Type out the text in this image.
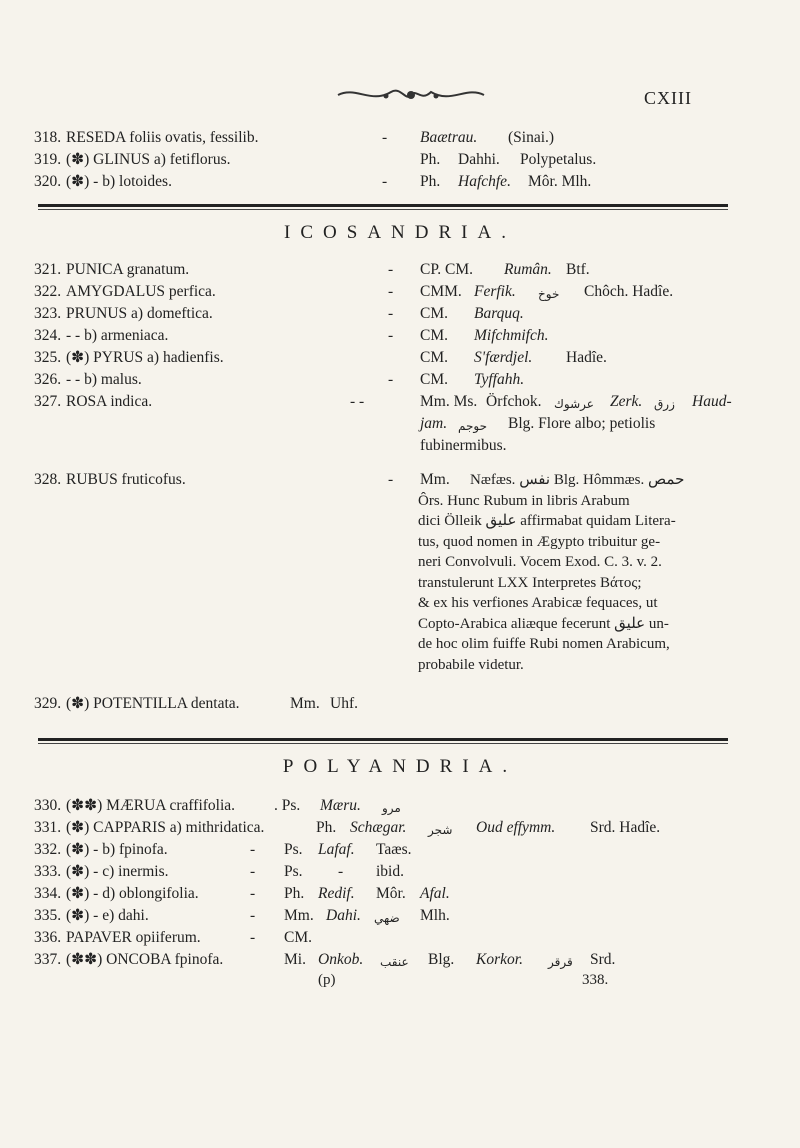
CXIII
318. RESEDA foliis ovatis, fessilib.	- Baætrau. (Sinai.)
319. (✽) GLINUS a) fetiflorus.	Ph. Dahhi. Polypetalus.
320. (✽) - b) lotoides.	- Ph. Hafchfe. Môr. Mlh.
ICOSANDRIA.
321. PUNICA granatum.	- CP. CM. Rumân. Btf.
322. AMYGDALUS perfica.	- CMM. Ferfik. خوخ Chôch. Hadîe.
323. PRUNUS a) domeftica.	- CM. Barquq.
324. - - b) armeniaca.	- CM. Mifchmifch.
325. (✽) PYRUS a) hadienfis.	CM. S'færdjel. Hadîe.
326. - - b) malus.	- CM. Tyffahh.
327. ROSA indica.	- -	Mm. Ms. Örfchok. عرشوك Zerk. زرق Haud-
jam. حوجم Blg. Flore albo; petiolis
fubinermibus.
328. RUBUS fruticofus.	- Mm. Næfæs. نفس Blg. Hômmæs. حمص
Ôrs. Hunc Rubum in libris Arabum
dici Ölleik عليق affirmabat quidam Litera-
tus, quod nomen in Ægypto tribuitur ge-
neri Convolvuli. Vocem Exod. C. 3. v. 2.
transtulerunt LXX Interpretes Βάτος;
& ex his verfiones Arabicæ fequaces, ut
Copto-Arabica aliæque fecerunt عليق un-
de hoc olim fuiffe Rubi nomen Arabicum,
probabile videtur.
329. (✽) POTENTILLA dentata.	Mm. Uhf.
POLYANDRIA.
330. (✽✽) MÆRUA craffifolia.	. Ps. Mæru. مرو
331. (✽) CAPPARIS a) mithridatica.	Ph. Schægar. شجر Oud effymm. Srd. Hadîe.
332. (✽) - b) fpinofa.	- Ps. Lafaf. Taæs.
333. (✽) - c) inermis.	- Ps. - ibid.
334. (✽) - d) oblongifolia.	- Ph. Redif. Môr. Afal.
335. (✽) - e) dahi.	- Mm. Dahi. ضهي Mlh.
336. PAPAVER opiiferum.	- CM.
337. (✽✽) ONCOBA fpinofa.	Mi. Onkob. عنقب Blg. Korkor. قرقر Srd.
(p)	338.
